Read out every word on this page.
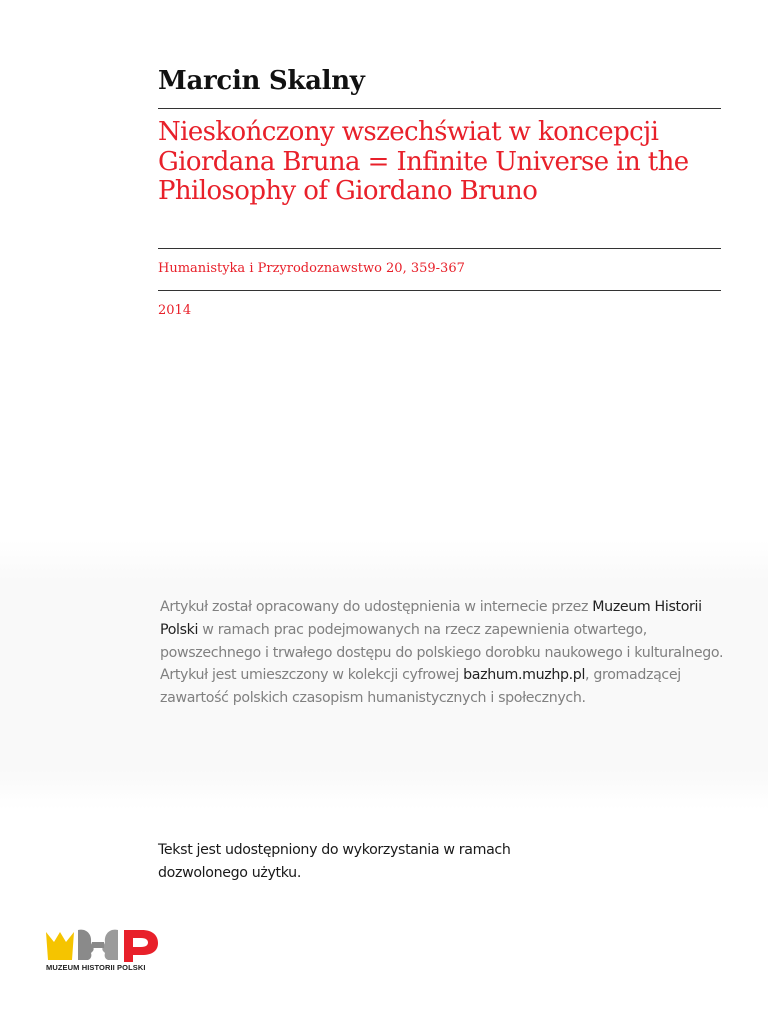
Marcin Skalny
Nieskończony wszechświat w koncepcji Giordana Bruna = Infinite Universe in the Philosophy of Giordano Bruno
Humanistyka i Przyrodoznawstwo 20, 359-367
2014
Artykuł został opracowany do udostępnienia w internecie przez Muzeum Historii Polski w ramach prac podejmowanych na rzecz zapewnienia otwartego, powszechnego i trwałego dostępu do polskiego dorobku naukowego i kulturalnego. Artykuł jest umieszczony w kolekcji cyfrowej bazhum.muzhp.pl, gromadzącej zawartość polskich czasopism humanistycznych i społecznych.
Tekst jest udostępniony do wykorzystania w ramach dozwolonego użytku.
MUZEUM HISTORII POLSKI
